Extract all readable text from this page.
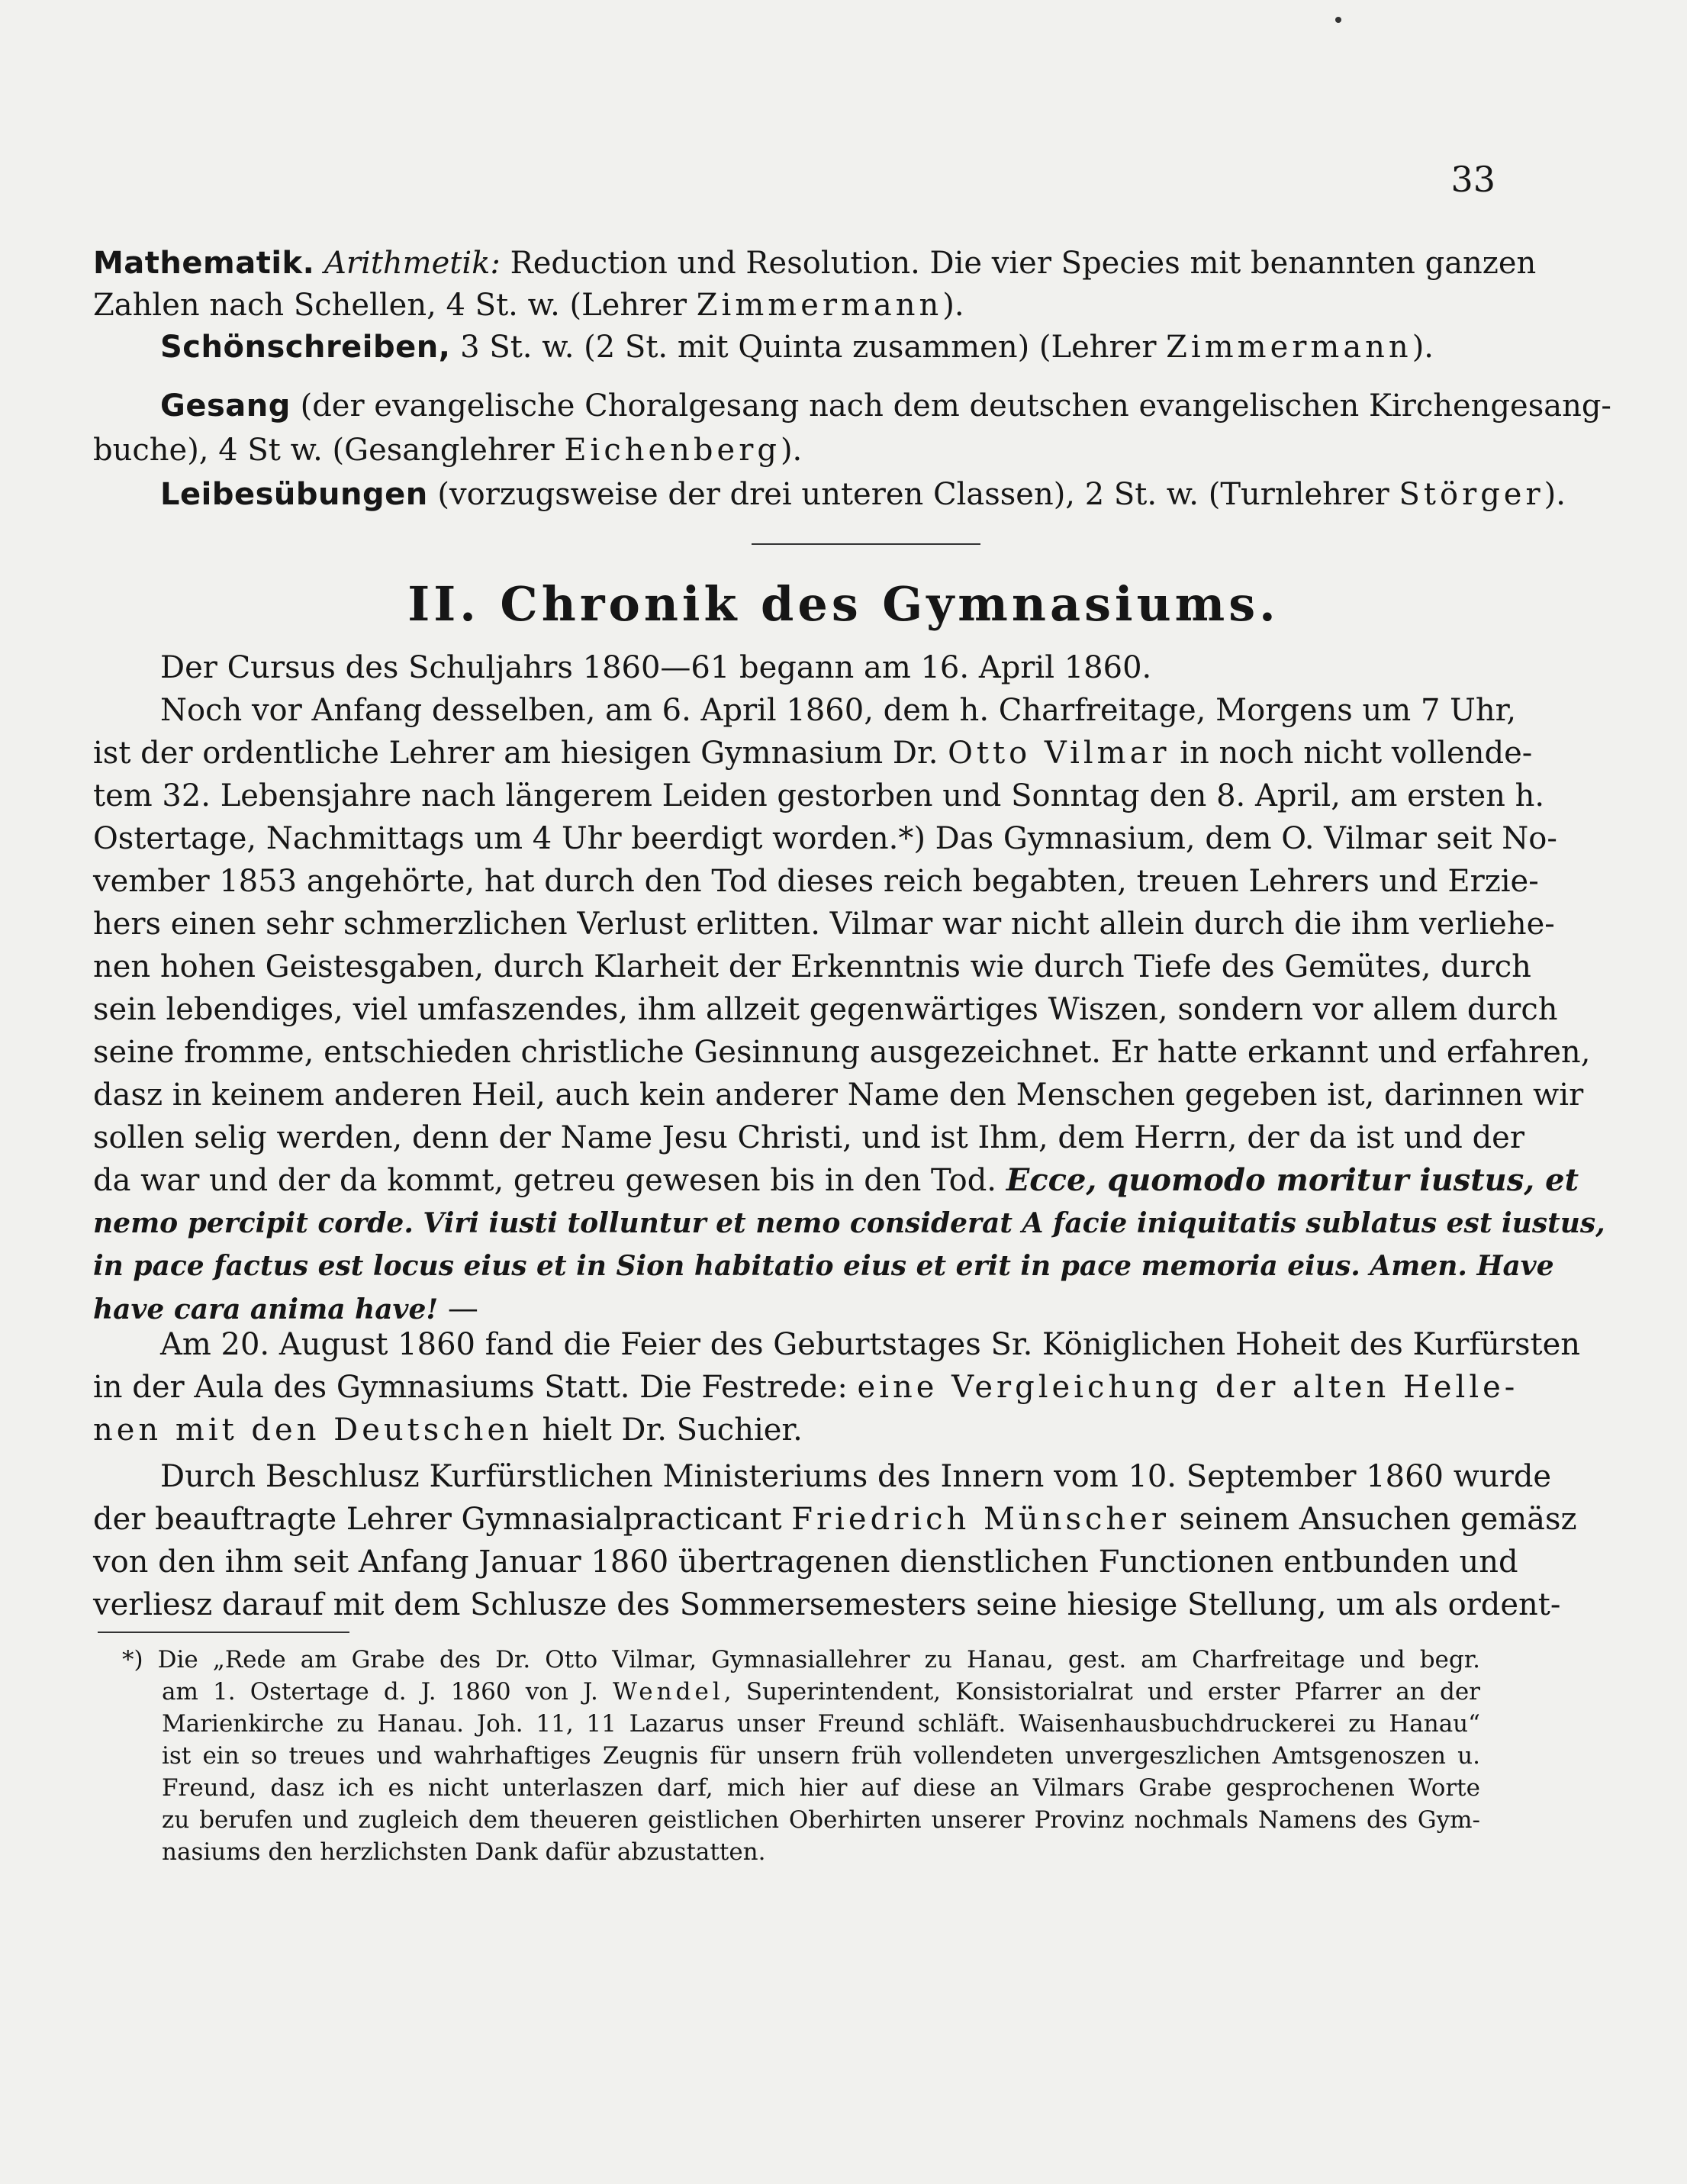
33
Mathematik. Arithmetik: Reduction und Resolution. Die vier Species mit benannten ganzen
Zahlen nach Schellen, 4 St. w. (Lehrer Zimmermann).
Schönschreiben, 3 St. w. (2 St. mit Quinta zusammen) (Lehrer Zimmermann).
Gesang (der evangelische Choralgesang nach dem deutschen evangelischen Kirchengesang-
buche), 4 St w. (Gesanglehrer Eichenberg).
Leibesübungen (vorzugsweise der drei unteren Classen), 2 St. w. (Turnlehrer Störger).
II. Chronik des Gymnasiums.
Der Cursus des Schuljahrs 1860—61 begann am 16. April 1860.
Noch vor Anfang desselben, am 6. April 1860, dem h. Charfreitage, Morgens um 7 Uhr,
ist der ordentliche Lehrer am hiesigen Gymnasium Dr. Otto Vilmar in noch nicht vollende-
tem 32. Lebensjahre nach längerem Leiden gestorben und Sonntag den 8. April, am ersten h.
Ostertage, Nachmittags um 4 Uhr beerdigt worden.*) Das Gymnasium, dem O. Vilmar seit No-
vember 1853 angehörte, hat durch den Tod dieses reich begabten, treuen Lehrers und Erzie-
hers einen sehr schmerzlichen Verlust erlitten. Vilmar war nicht allein durch die ihm verliehe-
nen hohen Geistesgaben, durch Klarheit der Erkenntnis wie durch Tiefe des Gemütes, durch
sein lebendiges, viel umfaszendes, ihm allzeit gegenwärtiges Wiszen, sondern vor allem durch
seine fromme, entschieden christliche Gesinnung ausgezeichnet. Er hatte erkannt und erfahren,
dasz in keinem anderen Heil, auch kein anderer Name den Menschen gegeben ist, darinnen wir
sollen selig werden, denn der Name Jesu Christi, und ist Ihm, dem Herrn, der da ist und der
da war und der da kommt, getreu gewesen bis in den Tod. Ecce, quomodo moritur iustus, et
nemo percipit corde. Viri iusti tolluntur et nemo considerat A facie iniquitatis sublatus est iustus,
in pace factus est locus eius et in Sion habitatio eius et erit in pace memoria eius. Amen. Have
have cara anima have! —
Am 20. August 1860 fand die Feier des Geburtstages Sr. Königlichen Hoheit des Kurfürsten
in der Aula des Gymnasiums Statt. Die Festrede: eine Vergleichung der alten Helle-
nen mit den Deutschen hielt Dr. Suchier.
Durch Beschlusz Kurfürstlichen Ministeriums des Innern vom 10. September 1860 wurde
der beauftragte Lehrer Gymnasialpracticant Friedrich Münscher seinem Ansuchen gemäsz
von den ihm seit Anfang Januar 1860 übertragenen dienstlichen Functionen entbunden und
verliesz darauf mit dem Schlusze des Sommersemesters seine hiesige Stellung, um als ordent-
*) Die „Rede am Grabe des Dr. Otto Vilmar, Gymnasiallehrer zu Hanau, gest. am Charfreitage und begr.
am 1. Ostertage d. J. 1860 von J. Wendel, Superintendent, Konsistorialrat und erster Pfarrer an der
Marienkirche zu Hanau. Joh. 11, 11 Lazarus unser Freund schläft. Waisenhausbuchdruckerei zu Hanau“
ist ein so treues und wahrhaftiges Zeugnis für unsern früh vollendeten unvergeszlichen Amtsgenoszen u.
Freund, dasz ich es nicht unterlaszen darf, mich hier auf diese an Vilmars Grabe gesprochenen Worte
zu berufen und zugleich dem theueren geistlichen Oberhirten unserer Provinz nochmals Namens des Gym-
nasiums den herzlichsten Dank dafür abzustatten.
